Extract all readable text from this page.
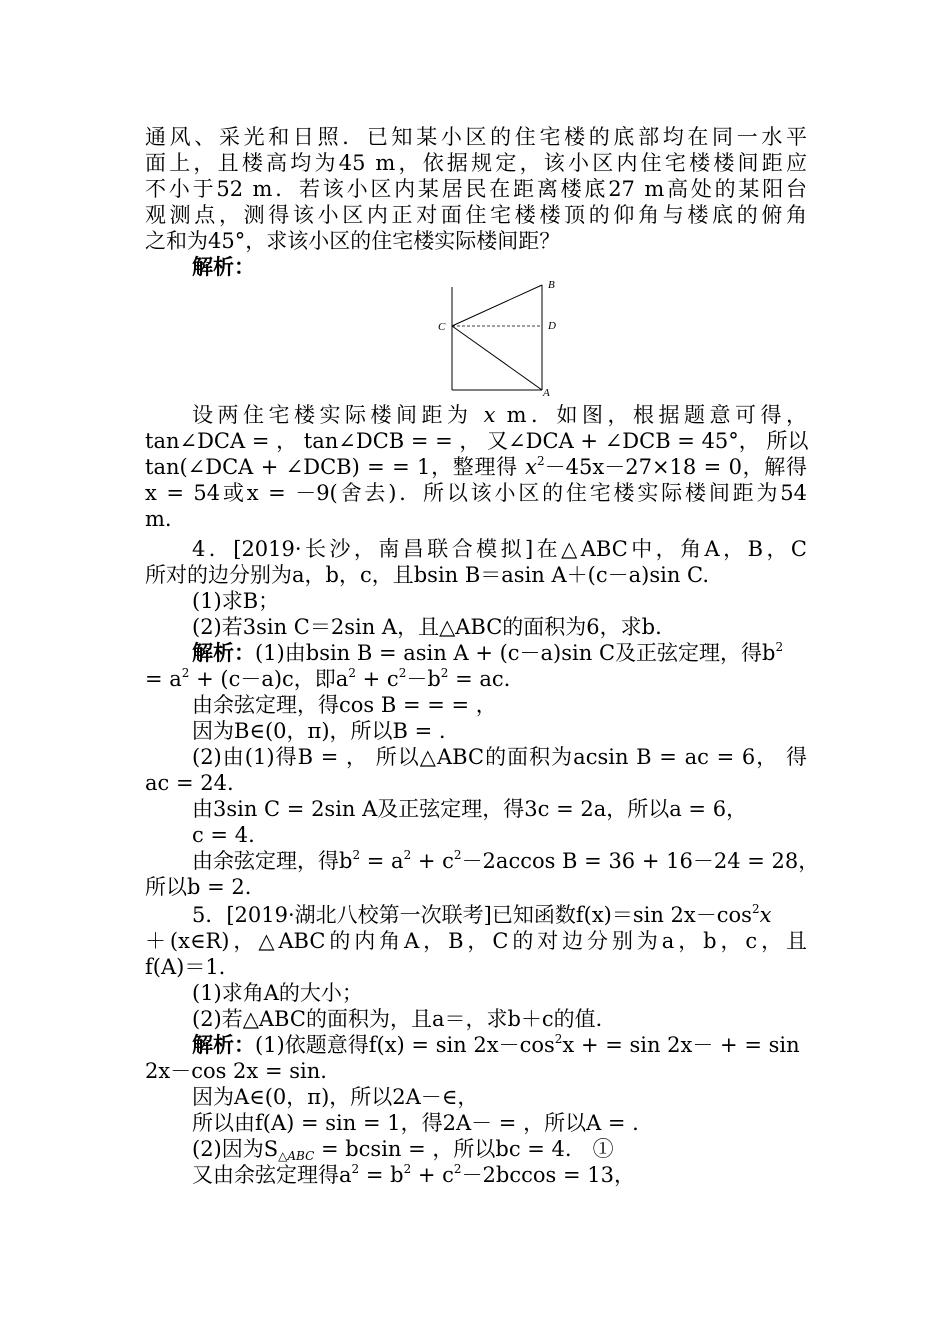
通风、采光和日照．已知某小区的住宅楼的底部均在同一水平
面上，且楼高均为45 m，依据规定，该小区内住宅楼楼间距应
不小于52 m．若该小区内某居民在距离楼底27 m高处的某阳台
观测点，测得该小区内正对面住宅楼楼顶的仰角与楼底的俯角
之和为45°，求该小区的住宅楼实际楼间距？
解析：
B
C	D
A
设两住宅楼实际楼间距为 x m．如图，根据题意可得，
tan∠DCA = ， tan∠DCB = = ， 又∠DCA + ∠DCB = 45°， 所以
tan(∠DCA + ∠DCB) = = 1，整理得 $x^2-45x-27\times 18 = 0$，解得
x = 54或x = －9(舍去)．所以该小区的住宅楼实际楼间距为54
m.
4．[2019·长沙，南昌联合模拟]在△ABC中，角A，B，C
所对的边分别为a，b，c，且bsin B＝asin A＋(c－a)sin C.
(1)求B；
(2)若3sin C＝2sin A，且△ABC的面积为6，求b.
解析：(1)由bsin B = asin A + (c－a)sin C及正弦定理，得$b^2$
= $a^2 + (c-a)c$，即$a^2 + c^2-b^2$ = ac.
由余弦定理，得cos B = = = ，
因为B∈(0，π)，所以B = .
(2)由(1)得B = ， 所以△ABC的面积为acsin B = ac = 6， 得
ac = 24.
由3sin C = 2sin A及正弦定理，得3c = 2a，所以a = 6，
c = 4.
由余弦定理，得$b^2 = a^2 + c^2-2accos$ B = 36 + 16－24 = 28，
所以b = 2.
5．[2019·湖北八校第一次联考]已知函数f(x)＝sin $2x-\cos^2x$
＋(x∈R)，△ABC的内角A，B，C的对边分别为a，b，c，且
f(A)＝1.
(1)求角A的大小；
(2)若△ABC的面积为，且a＝，求b＋c的值．
解析：(1)依题意得$f(x) = \sin 2x-\cos^2x$ + = sin 2x－ + = sin
2x－cos 2x = sin.
因为A∈(0，π)，所以2A－∈，
所以由f(A) = sin = 1，得2A－ = ，所以A = .
(2)因为$S_{\triangle ABC} = bcsin$ = ，所以bc = 4.　①
又由余弦定理得$a^2 = b^2 + c^2-2bccos = 13$，
